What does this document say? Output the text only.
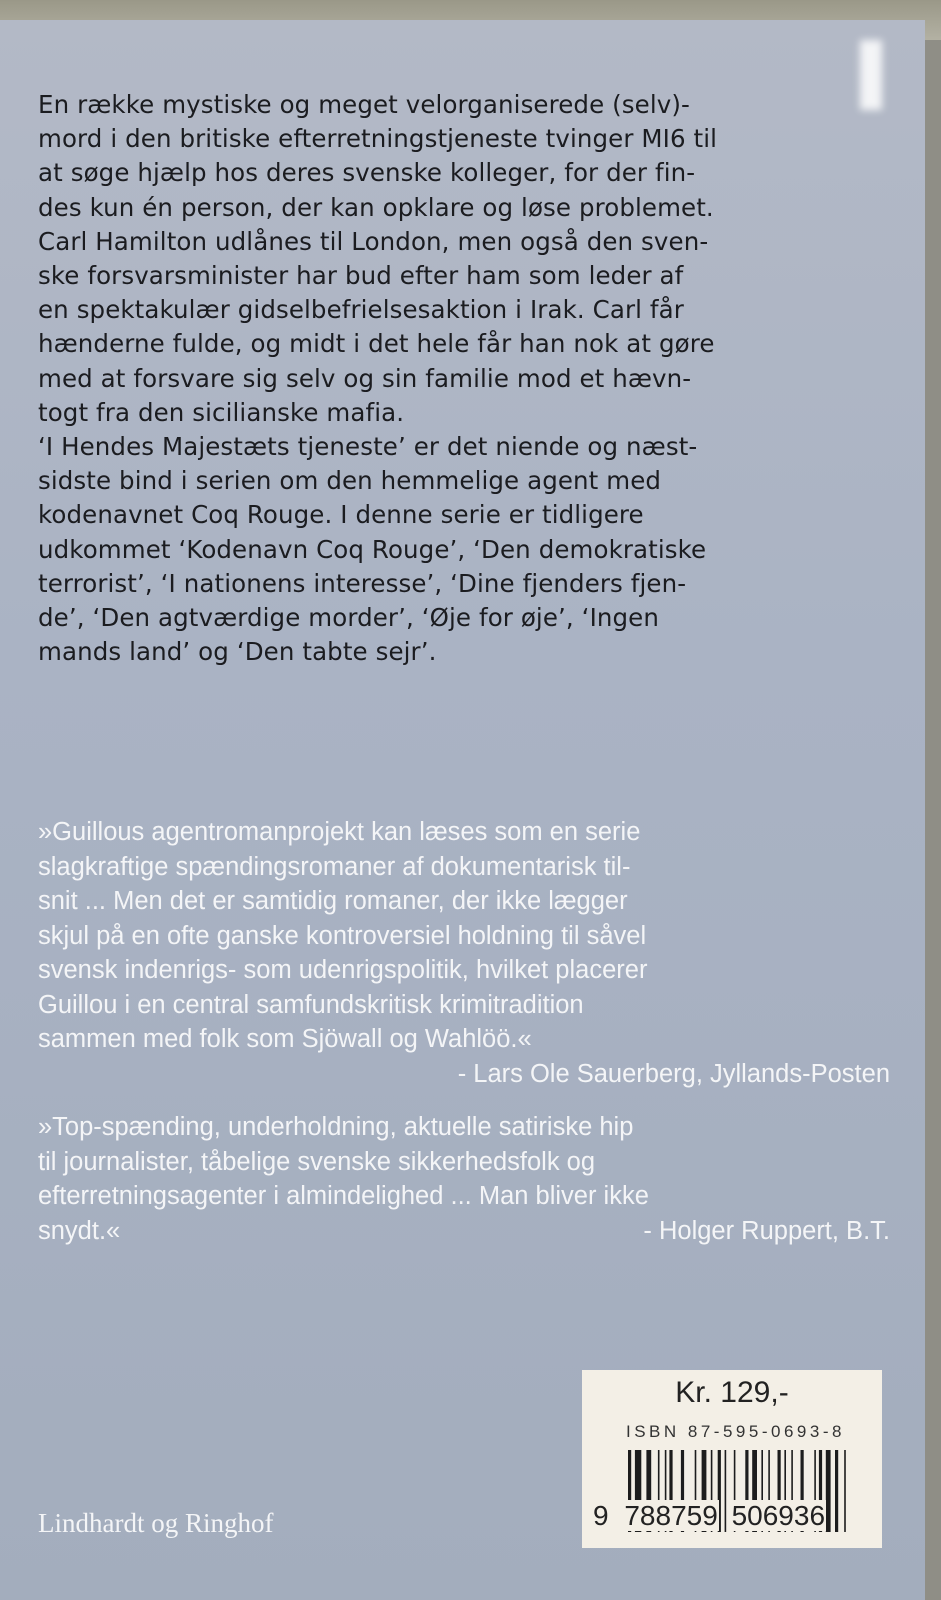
En række mystiske og meget velorganiserede (selv)-
mord i den britiske efterretningstjeneste tvinger MI6 til
at søge hjælp hos deres svenske kolleger, for der fin-
des kun én person, der kan opklare og løse problemet.
Carl Hamilton udlånes til London, men også den sven-
ske forsvarsminister har bud efter ham som leder af
en spektakulær gidselbefrielsesaktion i Irak. Carl får
hænderne fulde, og midt i det hele får han nok at gøre
med at forsvare sig selv og sin familie mod et hævn-
togt fra den sicilianske mafia.
‘I Hendes Majestæts tjeneste’ er det niende og næst-
sidste bind i serien om den hemmelige agent med
kodenavnet Coq Rouge. I denne serie er tidligere
udkommet ‘Kodenavn Coq Rouge’, ‘Den demokratiske
terrorist’, ‘I nationens interesse’, ‘Dine fjenders fjen-
de’, ‘Den agtværdige morder’, ‘Øje for øje’, ‘Ingen
mands land’ og ‘Den tabte sejr’.
»Guillous agentromanprojekt kan læses som en serie
slagkraftige spændingsromaner af dokumentarisk til-
snit ... Men det er samtidig romaner, der ikke lægger
skjul på en ofte ganske kontroversiel holdning til såvel
svensk indenrigs- som udenrigspolitik, hvilket placerer
Guillou i en central samfundskritisk krimitradition
sammen med folk som Sjöwall og Wahlöö.«
- Lars Ole Sauerberg, Jyllands-Posten
»Top-spænding, underholdning, aktuelle satiriske hip
til journalister, tåbelige svenske sikkerhedsfolk og
efterretningsagenter i almindelighed ... Man bliver ikke
snydt.«	- Holger Ruppert, B.T.
Kr. 129,-
ISBN 87-595-0693-8
9 788759 506936
Lindhardt og Ringhof
